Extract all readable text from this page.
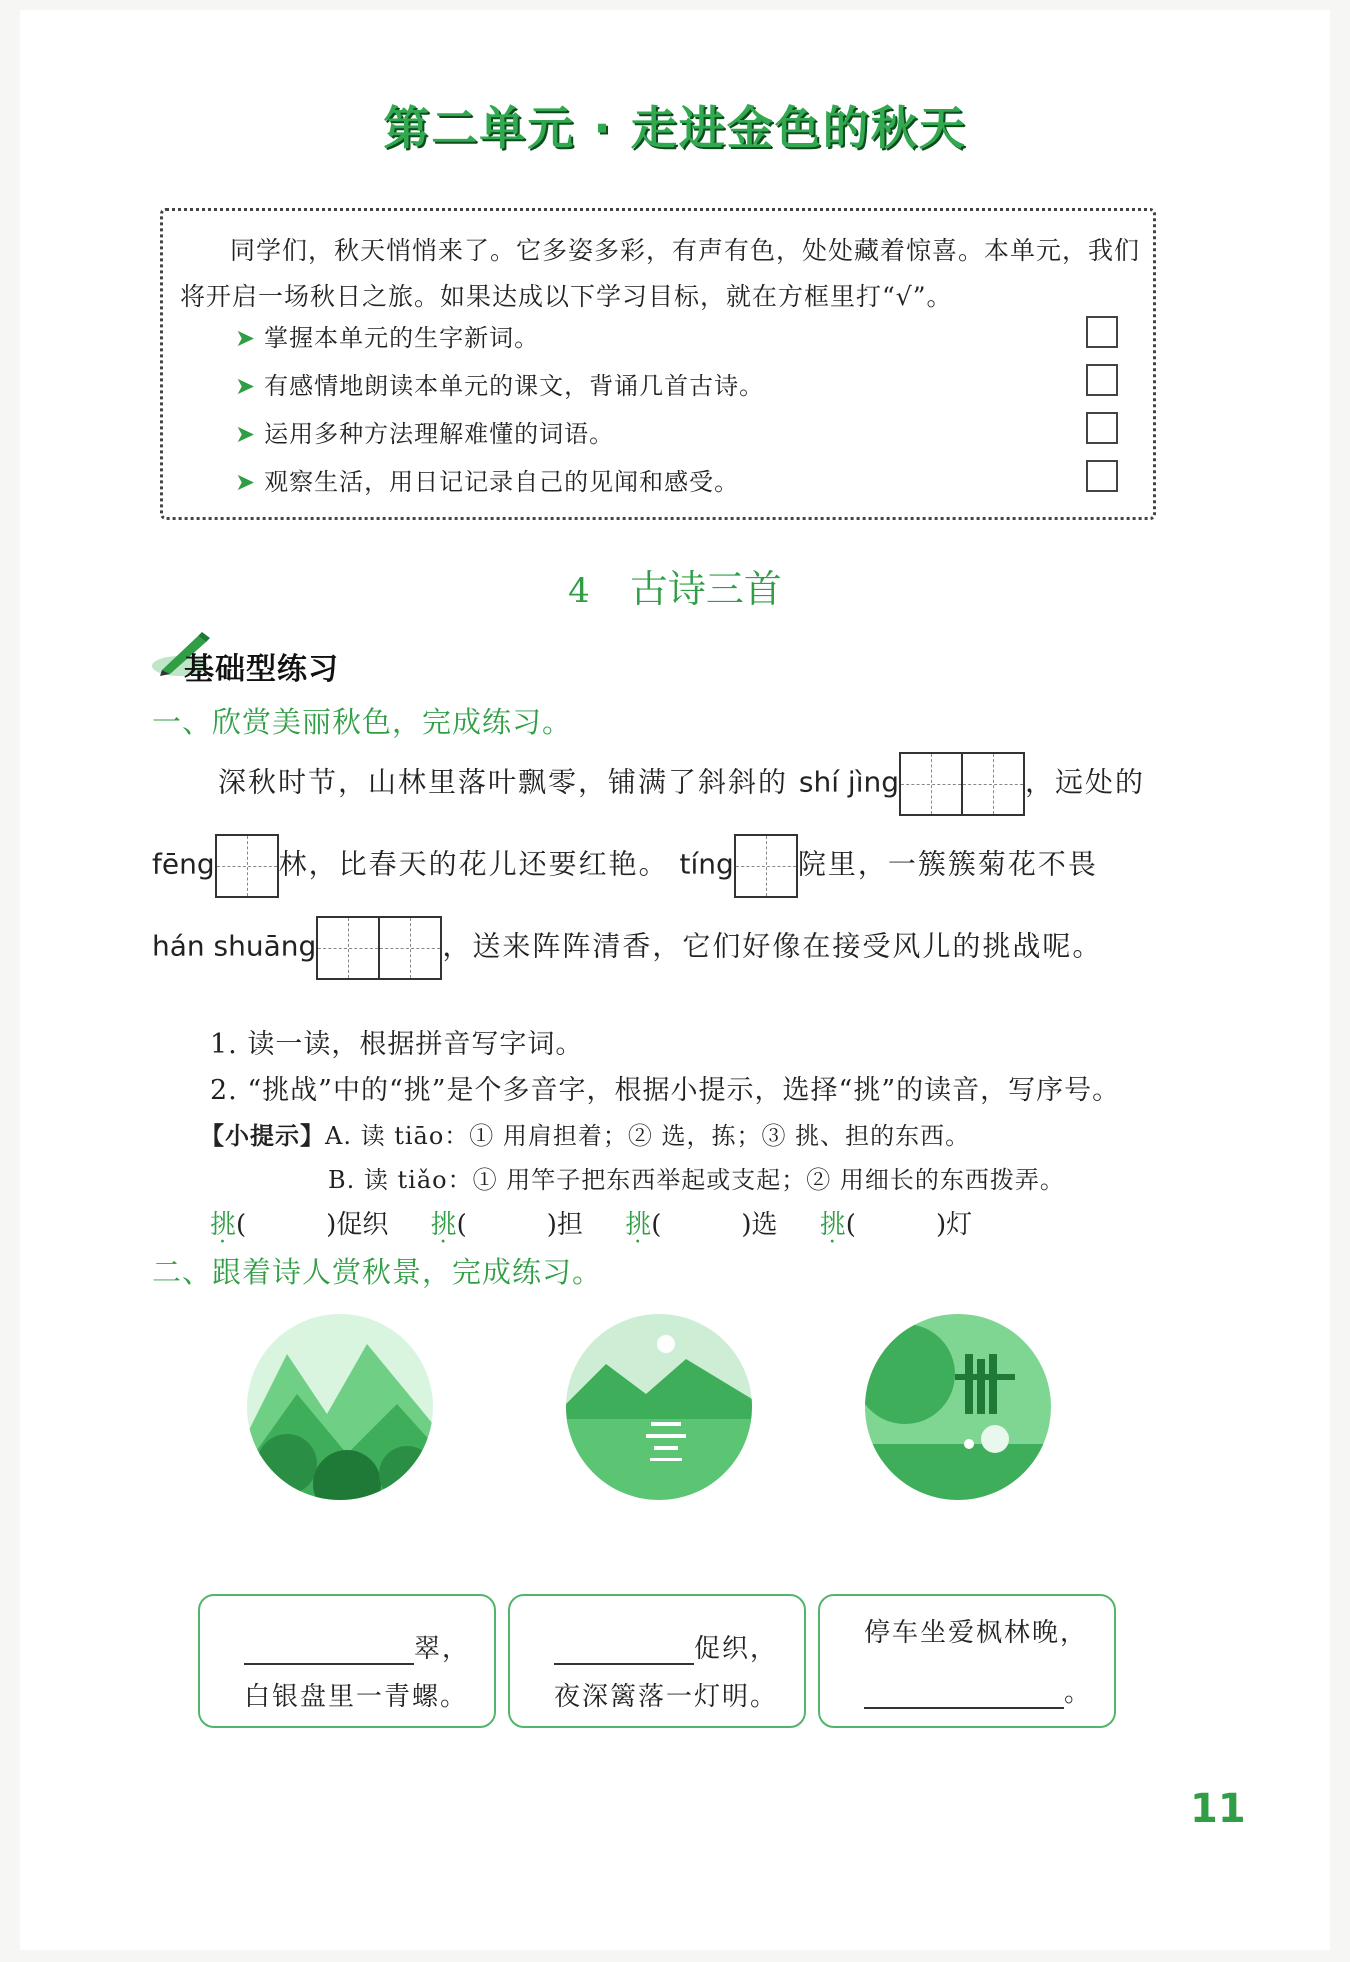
第二单元 · 走进金色的秋天
同学们，秋天悄悄来了。它多姿多彩，有声有色，处处藏着惊喜。本单元，我们将开启一场秋日之旅。如果达成以下学习目标，就在方框里打“√”。
➤ 掌握本单元的生字新词。
➤ 有感情地朗读本单元的课文，背诵几首古诗。
➤ 运用多种方法理解难懂的词语。
➤ 观察生活，用日记记录自己的见闻和感受。
4 古诗三首
基础型练习
一、欣赏美丽秋色，完成练习。
深秋时节，山林里落叶飘零，铺满了斜斜的 shí jìng	，远处的
fēng 林，比春天的花儿还要红艳。 tíng 院里，一簇簇菊花不畏
hán shuāng	，送来阵阵清香，它们好像在接受风儿的挑战呢。
1. 读一读，根据拼音写字词。
2. “挑战”中的“挑”是个多音字，根据小提示，选择“挑”的读音，写序号。
【小提示】A. 读 tiāo：① 用肩担着；② 选，拣；③ 挑、担的东西。
B. 读 tiǎo：① 用竿子把东西举起或支起；② 用细长的东西拨弄。
挑(	)促织 挑(	)担 挑(	)选 挑(	)灯
二、跟着诗人赏秋景，完成练习。
翠，
白银盘里一青螺。
促织，
夜深篱落一灯明。
停车坐爱枫林晚，
。
11
